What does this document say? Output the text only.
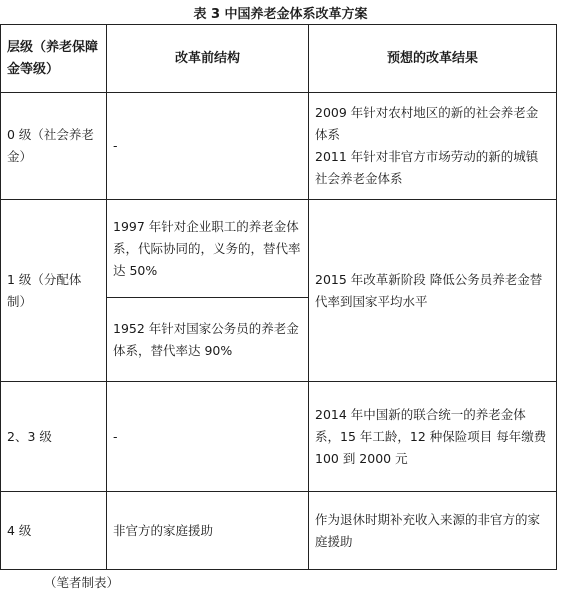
表 3 中国养老金体系改革方案
层级（养老保障金等级）	改革前结构	预想的改革结果
0 级（社会养老金）	-	2009 年针对农村地区的新的社会养老金体系
2011 年针对非官方市场劳动的新的城镇社会养老金体系

1 级（分配体制）	1997 年针对企业职工的养老金体系，代际协同的，义务的，替代率达 50%	2015 年改革新阶段 降低公务员养老金替代率到国家平均水平
	1952 年针对国家公务员的养老金体系，替代率达 90%	
2、3 级	-	2014 年中国新的联合统一的养老金体系，15 年工龄，12 种保险项目 每年缴费 100 到 2000 元
4 级	非官方的家庭援助	作为退休时期补充收入来源的非官方的家庭援助
（笔者制表）
